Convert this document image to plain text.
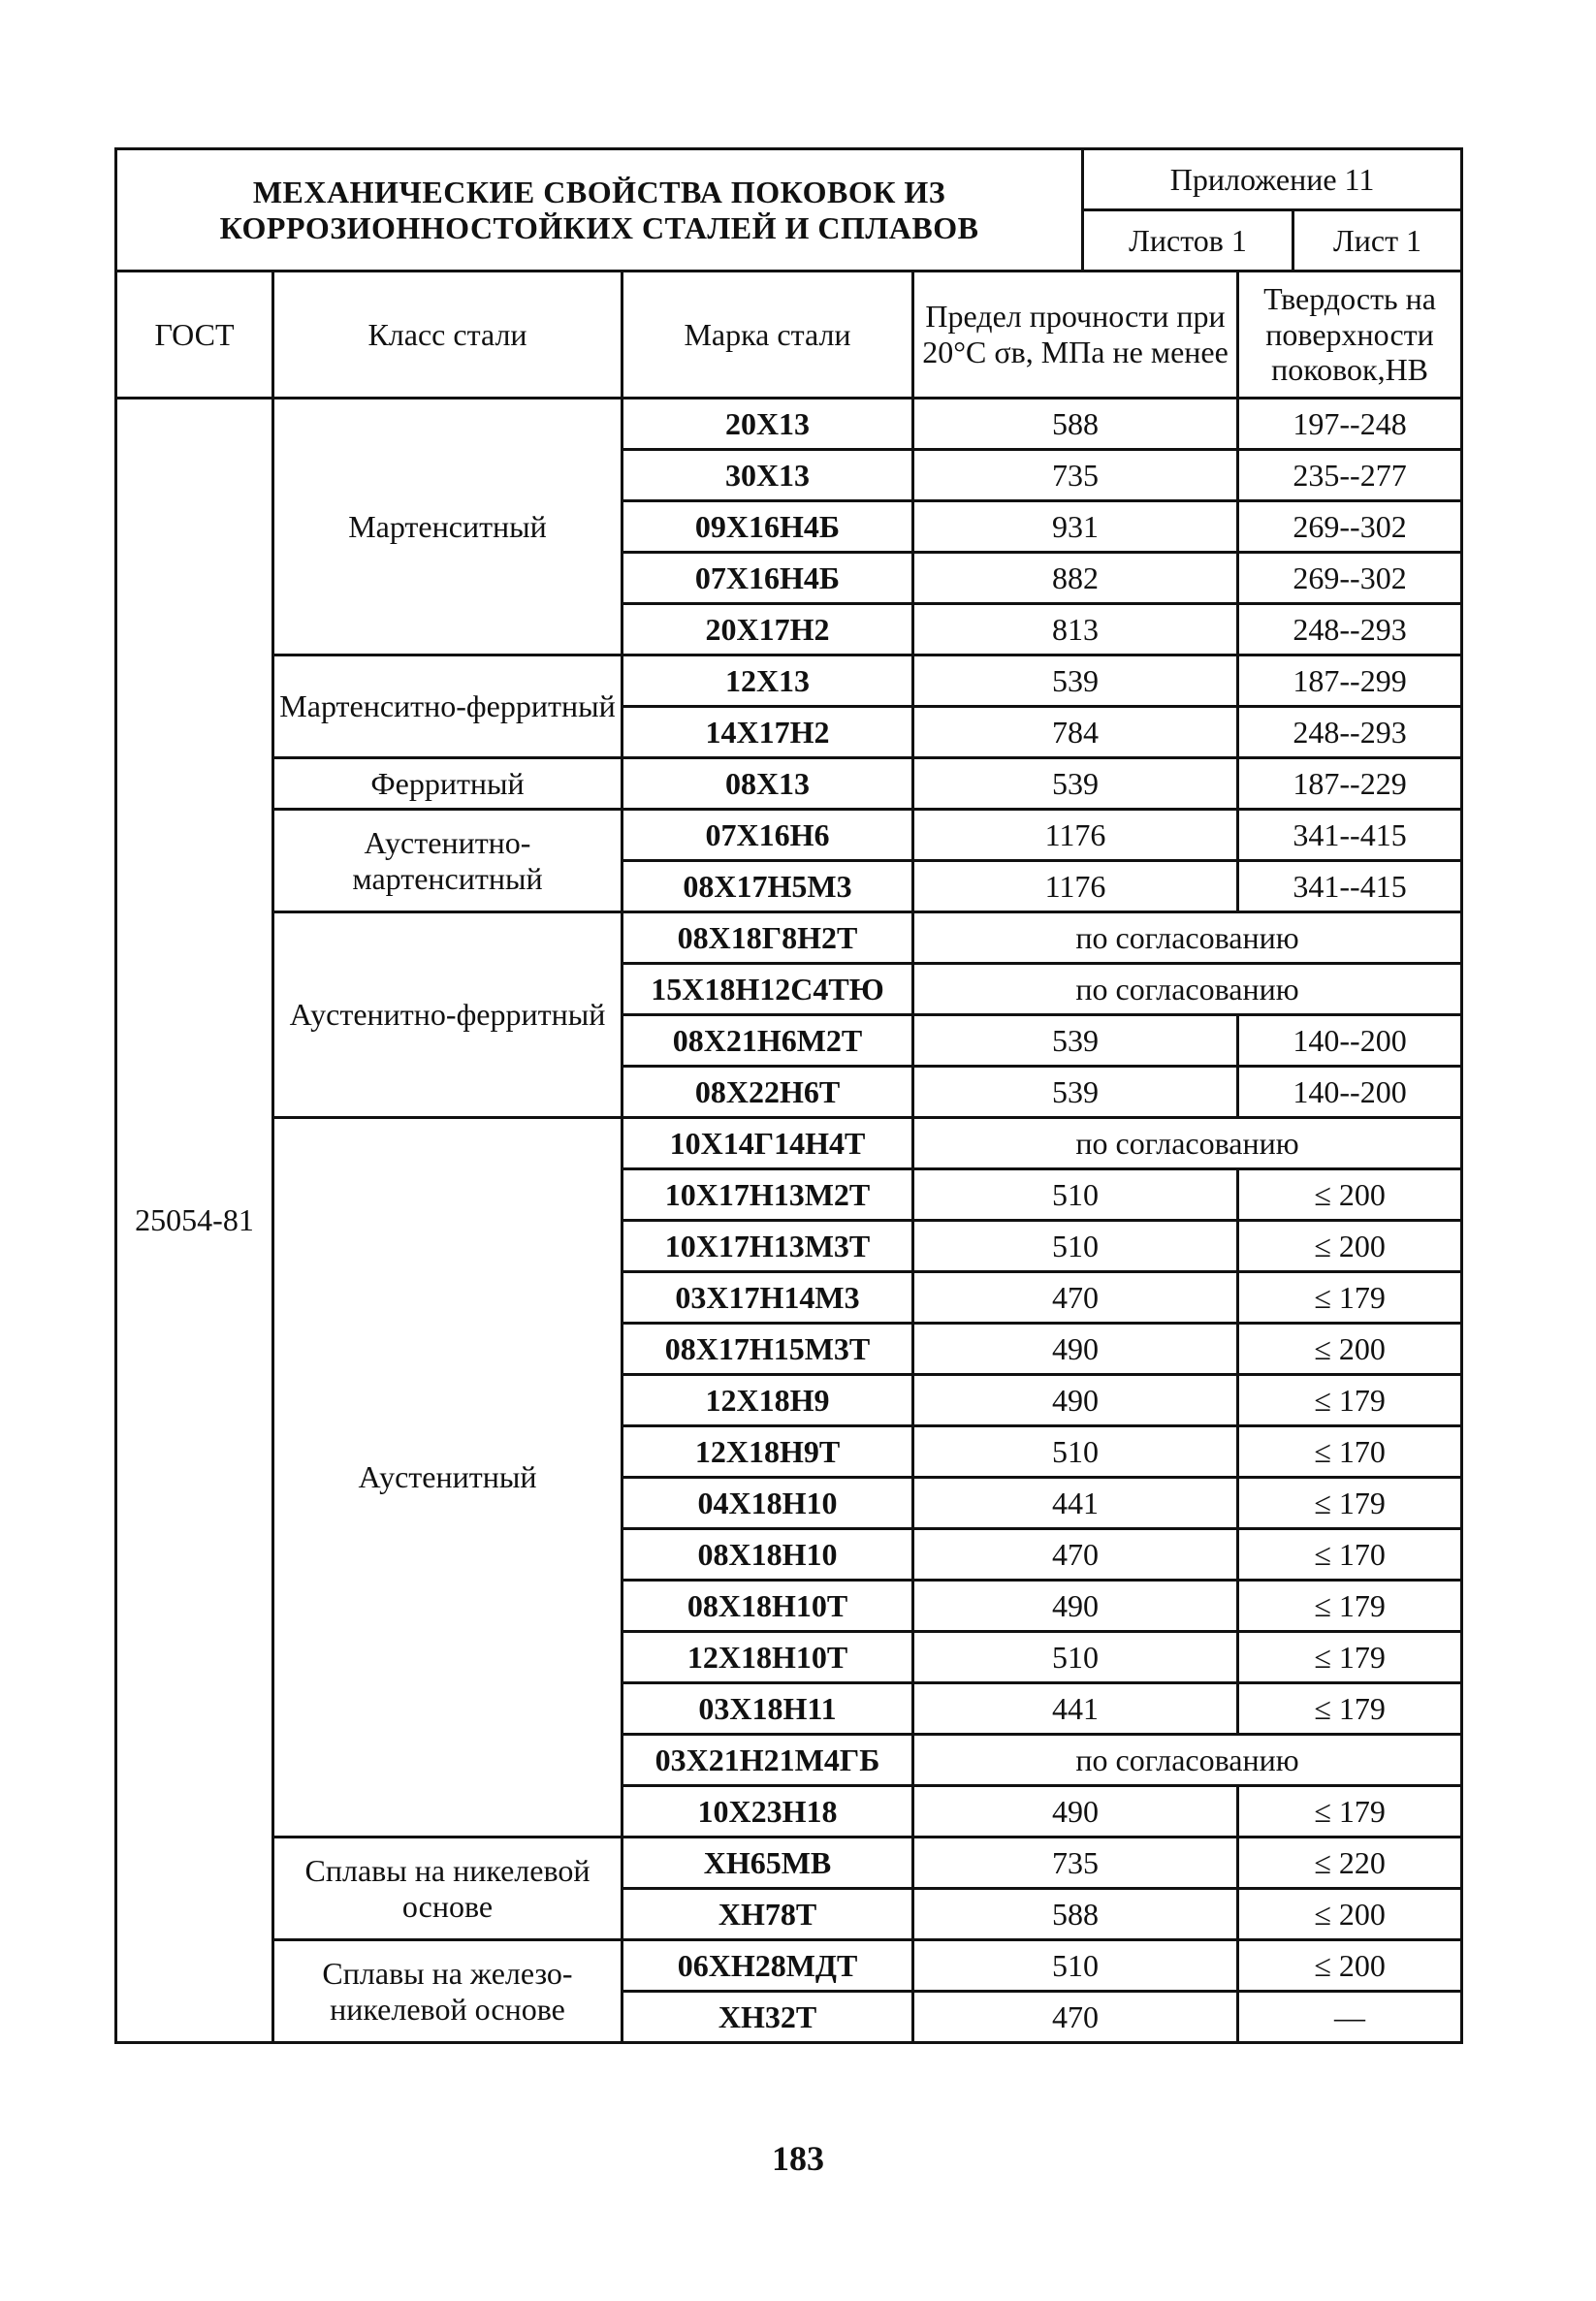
МЕХАНИЧЕСКИЕ СВОЙСТВА ПОКОВОК ИЗ КОРРОЗИОННОСТОЙКИХ СТАЛЕЙ И СПЛАВОВ				Приложение 11		
				Листов 1		Лист 1
ГОСТ	Класс стали	Марка стали	Предел прочности при 20°С σв, МПа не менее		Твердость на поверхности поковок,НВ	
25054-81	Мартенситный	20Х13	588		197--248	
		30Х13	735		235--277	
		09Х16Н4Б	931		269--302	
		07Х16Н4Б	882		269--302	
		20Х17Н2	813		248--293	
	Мартенситно-ферритный	12Х13	539		187--299	
		14Х17Н2	784		248--293	
	Ферритный	08Х13	539		187--229	
	Аустенитно-мартенситный	07Х16Н6	1176		341--415	
		08Х17Н5М3	1176		341--415	
	Аустенитно-ферритный	08Х18Г8Н2Т	по согласованию			
		15Х18Н12С4ТЮ	по согласованию			
		08Х21Н6М2Т	539		140--200	
		08Х22Н6Т	539		140--200	
	Аустенитный	10Х14Г14Н4Т	по согласованию			
		10Х17Н13М2Т	510		≤ 200	
		10Х17Н13М3Т	510		≤ 200	
		03Х17Н14М3	470		≤ 179	
		08Х17Н15М3Т	490		≤ 200	
		12Х18Н9	490		≤ 179	
		12Х18Н9Т	510		≤ 170	
		04Х18Н10	441		≤ 179	
		08Х18Н10	470		≤ 170	
		08Х18Н10Т	490		≤ 179	
		12Х18Н10Т	510		≤ 179	
		03Х18Н11	441		≤ 179	
		03Х21Н21М4ГБ	по согласованию			
		10Х23Н18	490		≤ 179	
	Сплавы на никелевой основе	ХН65МВ	735		≤ 220	
		ХН78Т	588		≤ 200	
	Сплавы на железо-никелевой основе	06ХН28МДТ	510		≤ 200	
		ХН32Т	470		—	
183
